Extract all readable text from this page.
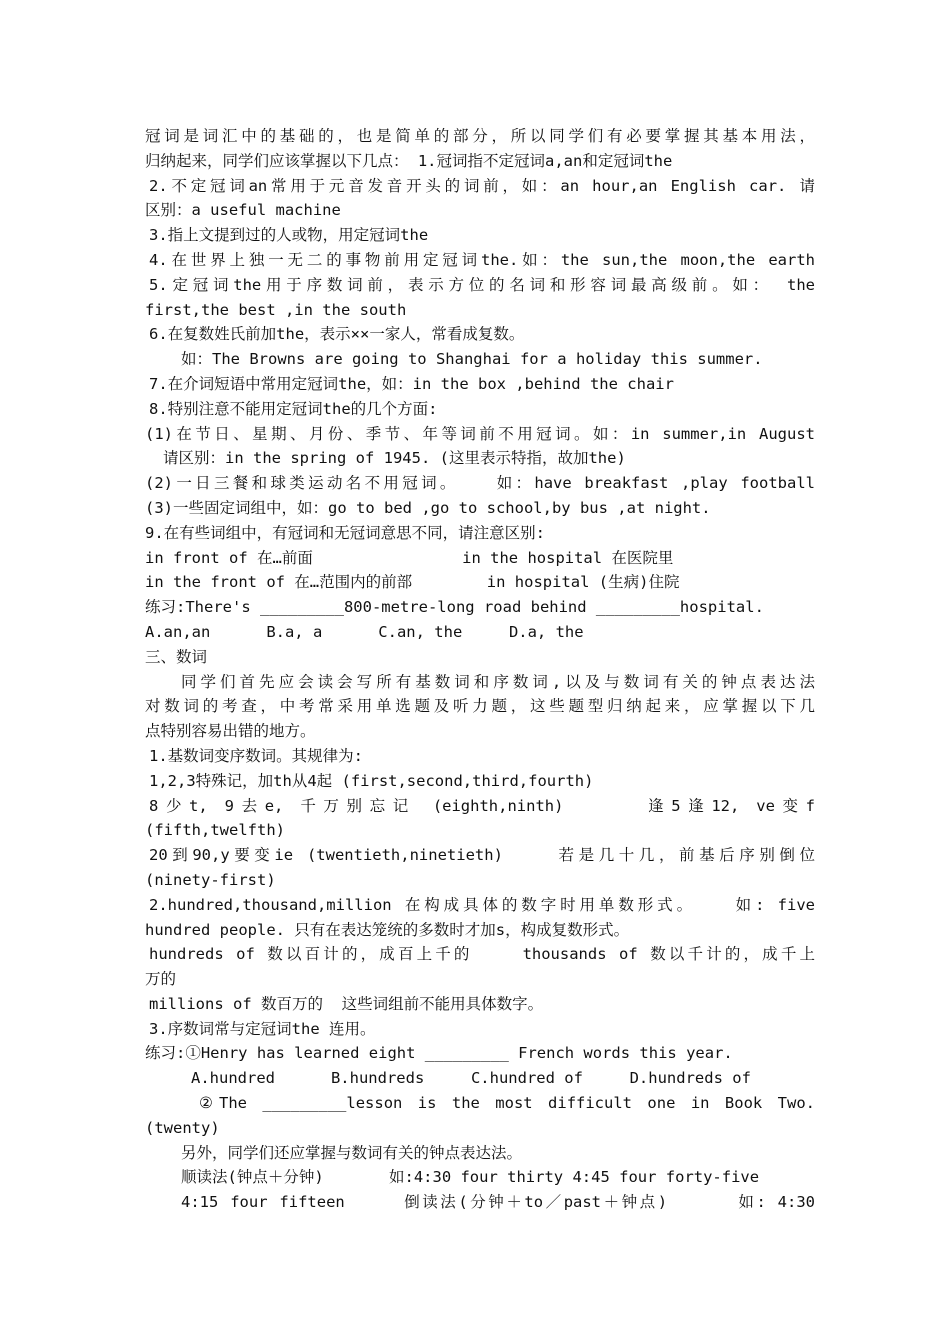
冠词是词汇中的基础的，也是简单的部分，所以同学们有必要掌握其基本用法，
归纳起来，同学们应该掌握以下几点： 1.冠词指不定冠词a,an和定冠词the
2.不定冠词an常用于元音发音开头的词前，如：an hour,an English car. 请
区别：a useful machine
3.指上文提到过的人或物，用定冠词the
4.在世界上独一无二的事物前用定冠词the.如：the sun,the moon,the earth
5.定冠词the用于序数词前，表示方位的名词和形容词最高级前。如： the
first,the best ,in the south
6.在复数姓氏前加the，表示××一家人，常看成复数。
如：The Browns are going to Shanghai for a holiday this summer.
7.在介词短语中常用定冠词the，如：in the box ,behind the chair
8.特别注意不能用定冠词the的几个方面:
(1)在节日、星期、月份、季节、年等词前不用冠词。如：in summer,in August
请区别：in the spring of 1945. (这里表示特指，故加the)
(2)一日三餐和球类运动名不用冠词。   如：have breakfast ,play football
(3)一些固定词组中，如：go to bed ,go to school,by bus ,at night.
9.在有些词组中，有冠词和无冠词意思不同，请注意区别:
in front of 在…前面                in the hospital 在医院里
in the front of 在…范围内的前部        in hospital (生病)住院
练习:There's _________800-metre-long road behind _________hospital.
A.an,an      B.a, a      C.an, the     D.a, the
三、数词
同学们首先应会读会写所有基数词和序数词,以及与数词有关的钟点表达法
对数词的考查，中考常采用单选题及听力题，这些题型归纳起来，应掌握以下几
点特别容易出错的地方。
1.基数词变序数词。其规律为:
1,2,3特殊记，加th从4起 (first,second,third,fourth)
8少t, 9去e, 千万别忘记 (eighth,ninth)     逢5逢12, ve变f
(fifth,twelfth)
20到90,y要变ie (twentieth,ninetieth)    若是几十几，前基后序别倒位
(ninety-first)
2.hundred,thousand,million 在构成具体的数字时用单数形式。   如: five
hundred people. 只有在表达笼统的多数时才加s，构成复数形式。
hundreds of 数以百计的，成百上千的    thousands of 数以千计的，成千上
万的
millions of 数百万的  这些词组前不能用具体数字。
3.序数词常与定冠词the 连用。
练习:①Henry has learned eight _________ French words this year.
A.hundred      B.hundreds     C.hundred of     D.hundreds of
②The _________lesson is the most difficult one in Book Two.
(twenty)
另外，同学们还应掌握与数词有关的钟点表达法。
顺读法(钟点＋分钟)       如:4:30 four thirty 4:45 four forty-five
4:15 four fifteen     倒读法(分钟＋to／past＋钟点)      如: 4:30
